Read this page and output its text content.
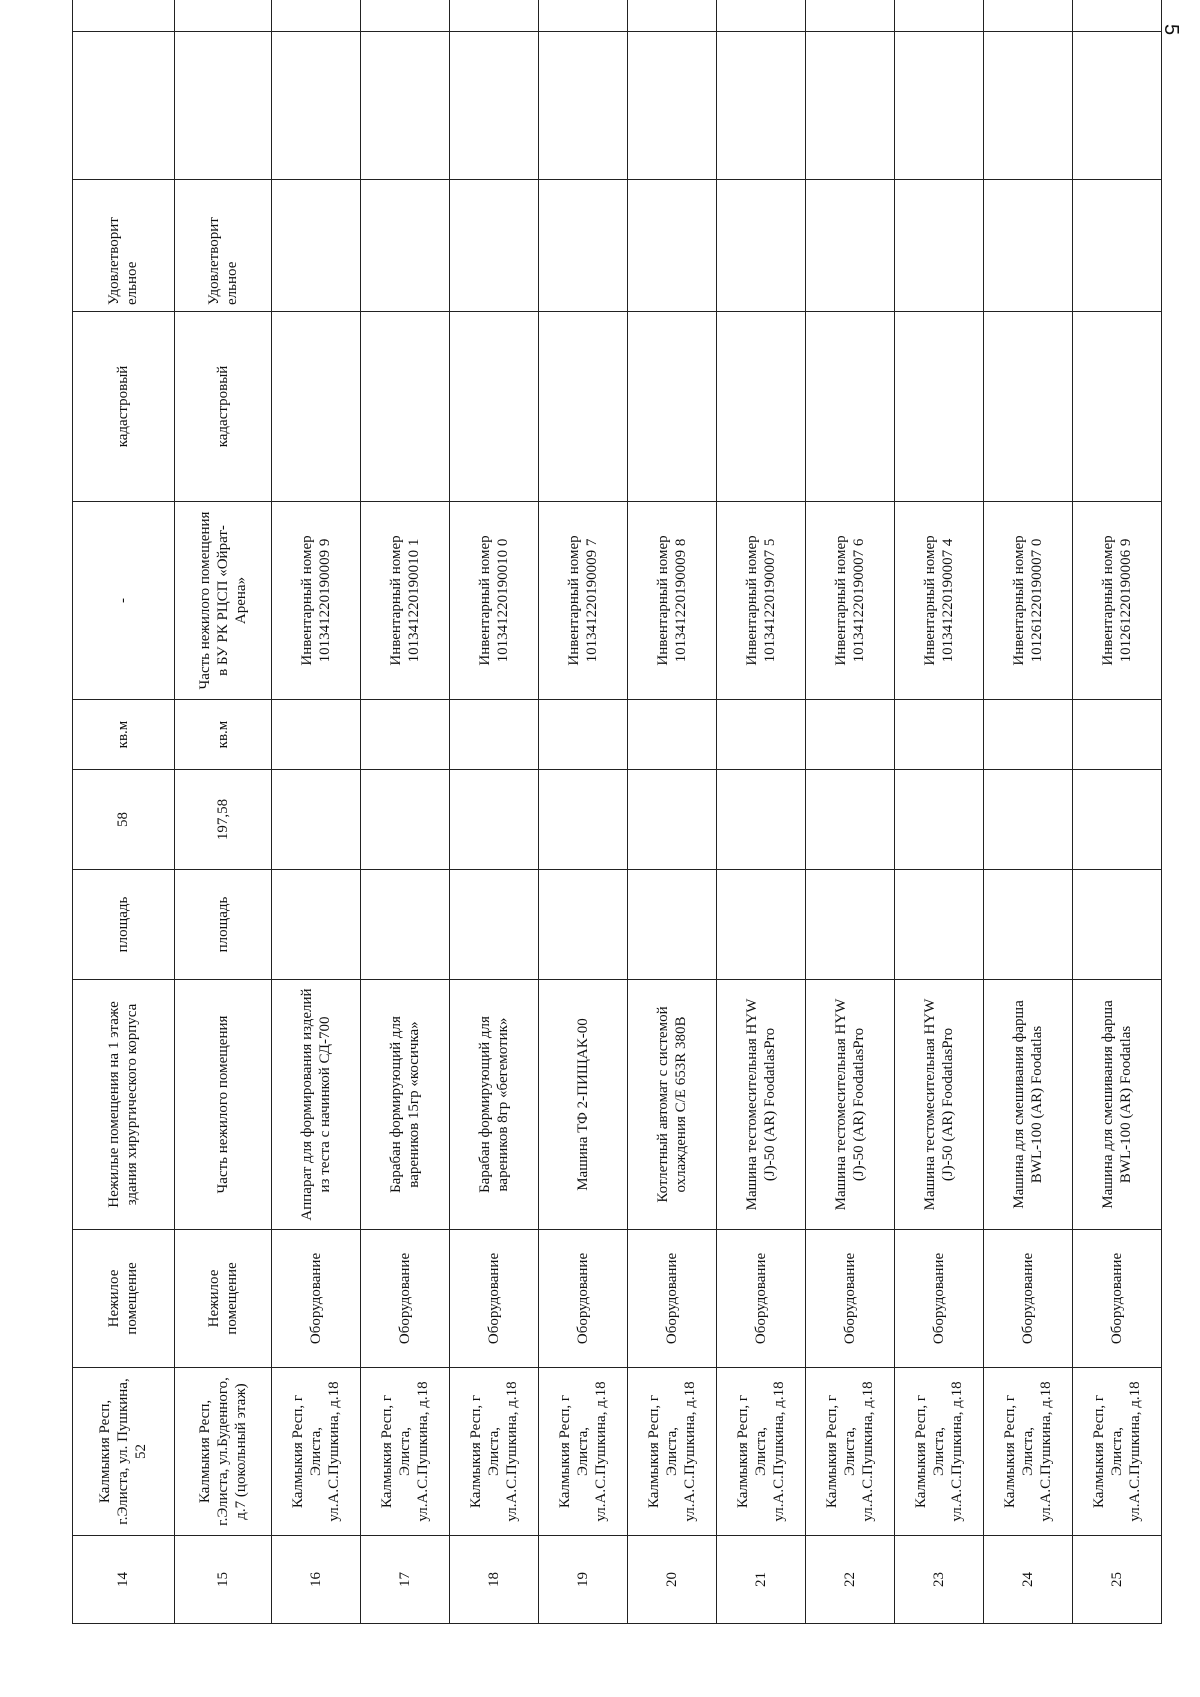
5
14	Калмыкия Респ, г.Элиста, ул. Пушкина, 52	Нежилое помещение	Нежилые помещения на 1 этаже здания хирургического корпуса	площадь	58	кв.м	-	кадастровый	Удовлетворит ельное		
15	Калмыкия Респ, г.Элиста, ул.Буденного, д.7 (цокольный этаж)	Нежилое помещение	Часть нежилого помещения	площадь	197,58	кв.м	Часть нежилого помещения в БУ РК РЦСП «Ойрат-Арена»	кадастровый	Удовлетворит ельное		
16	Калмыкия Респ, г Элиста, ул.А.С.Пушкина, д.18	Оборудование	Аппарат для формирования изделий из теста с начинкой СД-700				Инвентарный номер 101341220190009 9				
17	Калмыкия Респ, г Элиста, ул.А.С.Пушкина, д.18	Оборудование	Барабан формирующий для вареников 15гр «косичка»				Инвентарный номер 101341220190010 1				
18	Калмыкия Респ, г Элиста, ул.А.С.Пушкина, д.18	Оборудование	Барабан формирующий для вареников 8гр «бегемотик»				Инвентарный номер 101341220190010 0				
19	Калмыкия Респ, г Элиста, ул.А.С.Пушкина, д.18	Оборудование	Машина ТФ 2-ПИЩАК-00				Инвентарный номер 101341220190009 7				
20	Калмыкия Респ, г Элиста, ул.А.С.Пушкина, д.18	Оборудование	Котлетный автомат с системой охлаждения C/E 653R 380B				Инвентарный номер 101341220190009 8				
21	Калмыкия Респ, г Элиста, ул.А.С.Пушкина, д.18	Оборудование	Машина тестомесительная HYW (J)-50 (AR) FoodatlasPro				Инвентарный номер 101341220190007 5				
22	Калмыкия Респ, г Элиста, ул.А.С.Пушкина, д.18	Оборудование	Машина тестомесительная HYW (J)-50 (AR) FoodatlasPro				Инвентарный номер 101341220190007 6				
23	Калмыкия Респ, г Элиста, ул.А.С.Пушкина, д.18	Оборудование	Машина тестомесительная HYW (J)-50 (AR) FoodatlasPro				Инвентарный номер 101341220190007 4				
24	Калмыкия Респ, г Элиста, ул.А.С.Пушкина, д.18	Оборудование	Машина для смешивания фарша BWL-100 (AR) Foodatlas				Инвентарный номер 101261220190007 0				
25	Калмыкия Респ, г Элиста, ул.А.С.Пушкина, д.18	Оборудование	Машина для смешивания фарша BWL-100 (AR) Foodatlas				Инвентарный номер 101261220190006 9				
